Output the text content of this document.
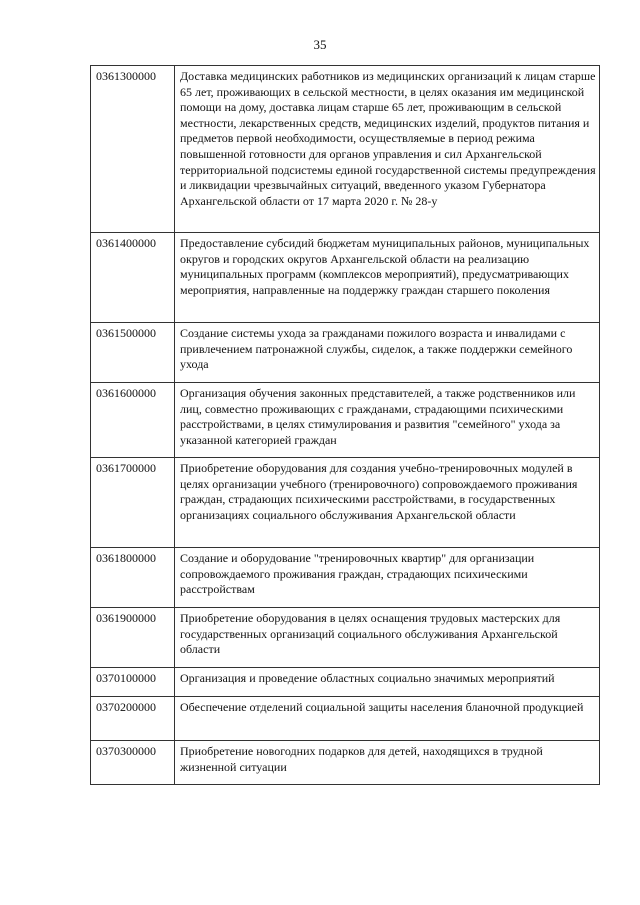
35
0361300000	Доставка медицинских работников из медицинских организаций к лицам старше 65 лет, проживающих в сельской местности, в целях оказания им медицинской помощи на дому, доставка лицам старше 65 лет, проживающим в сельской местности, лекарственных средств, медицинских изделий, продуктов питания и предметов первой необходимости, осуществляемые в период режима повышенной готовности для органов управления и сил Архангельской территориальной подсистемы единой государственной системы предупреждения и ликвидации чрезвычайных ситуаций, введенного указом Губернатора Архангельской области от 17 марта 2020 г. № 28-у
0361400000	Предоставление субсидий бюджетам муниципальных районов, муниципальных округов и городских округов Архангельской области на реализацию муниципальных программ (комплексов мероприятий), предусматривающих мероприятия, направленные на поддержку граждан старшего поколения
0361500000	Создание системы ухода за гражданами пожилого возраста и инвалидами с привлечением патронажной службы, сиделок, а также поддержки семейного ухода
0361600000	Организация обучения законных представителей, а также родственников или лиц, совместно проживающих с гражданами, страдающими психическими расстройствами, в целях стимулирования и развития "семейного" ухода за указанной категорией граждан
0361700000	Приобретение оборудования для создания учебно-тренировочных модулей в целях организации учебного (тренировочного) сопровождаемого проживания граждан, страдающих психическими расстройствами, в государственных организациях социального обслуживания Архангельской области
0361800000	Создание и оборудование "тренировочных квартир" для организации сопровождаемого проживания граждан, страдающих психическими расстройствам
0361900000	Приобретение оборудования в целях оснащения трудовых мастерских для государственных организаций социального обслуживания Архангельской области
0370100000	Организация и проведение областных социально значимых мероприятий
0370200000	Обеспечение отделений социальной защиты населения бланочной продукцией
0370300000	Приобретение новогодних подарков для детей, находящихся в трудной жизненной ситуации
